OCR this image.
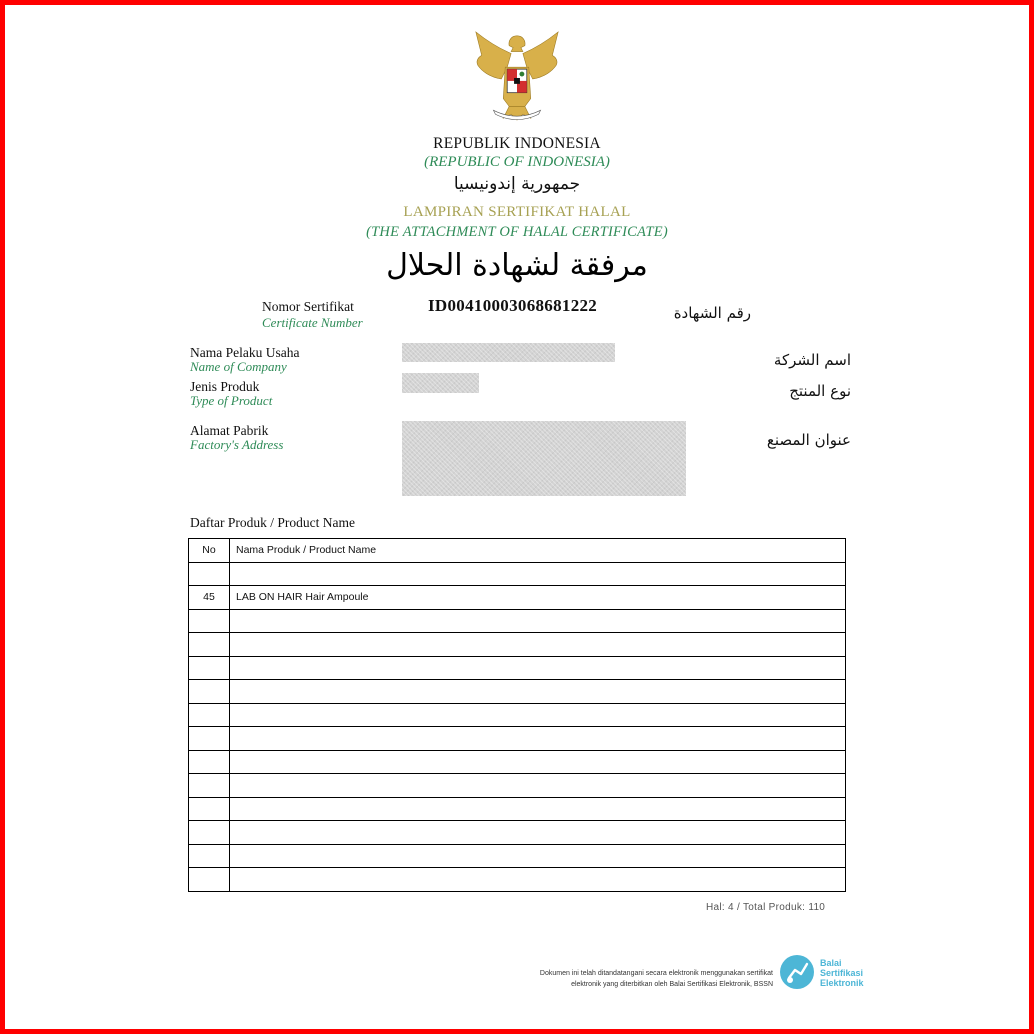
REPUBLIK INDONESIA
(REPUBLIC OF INDONESIA)
جمهورية إندونيسيا
LAMPIRAN SERTIFIKAT HALAL
(THE ATTACHMENT OF HALAL CERTIFICATE)
مرفقة لشهادة الحلال
Nomor Sertifikat
Certificate Number
ID00410003068681222	رقم الشهادة
Nama Pelaku Usaha
Name of Company	اسم الشركة
Jenis Produk
Type of Product
نوع المنتج
Alamat Pabrik
Factory's Address	عنوان المصنع
Daftar Produk / Product Name
No	Nama Produk / Product Name

45	LAB ON HAIR Hair Ampoule

Hal: 4 / Total Produk: 110
Dokumen ini telah ditandatangani secara elektronik menggunakan sertifikat
elektronik yang diterbitkan oleh Balai Sertifikasi Elektronik, BSSN
Balai
Sertifikasi
Elektronik
